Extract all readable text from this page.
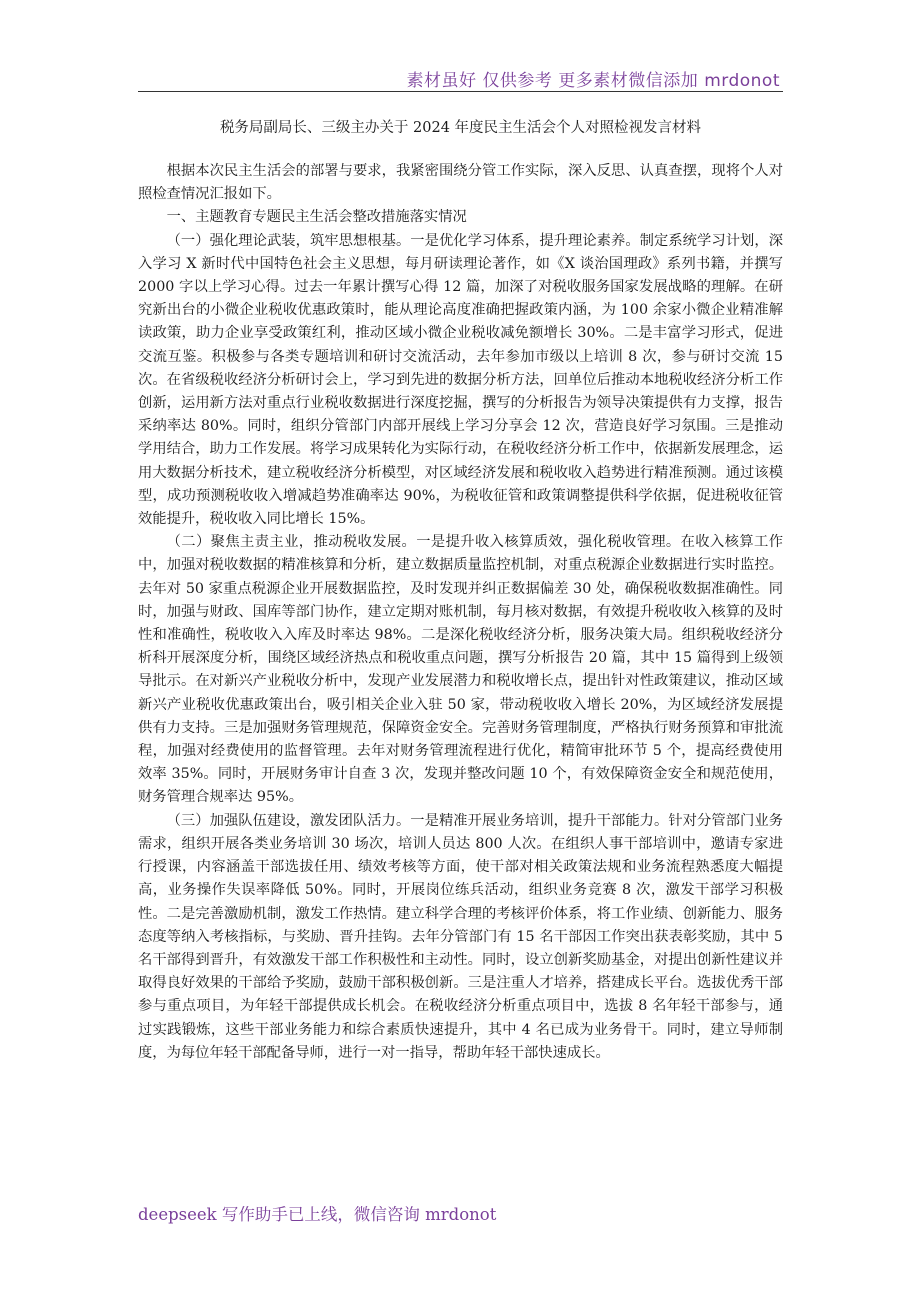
素材虽好 仅供参考 更多素材微信添加 mrdonot
税务局副局长、三级主办关于 2024 年度民主生活会个人对照检视发言材料

根据本次民主生活会的部署与要求，我紧密围绕分管工作实际，深入反思、认真查摆，现将个人对照检查情况汇报如下。

一、主题教育专题民主生活会整改措施落实情况

（一）强化理论武装，筑牢思想根基。一是优化学习体系，提升理论素养。制定系统学习计划，深入学习 X 新时代中国特色社会主义思想，每月研读理论著作，如《X 谈治国理政》系列书籍，并撰写 2000 字以上学习心得。过去一年累计撰写心得 12 篇，加深了对税收服务国家发展战略的理解。在研究新出台的小微企业税收优惠政策时，能从理论高度准确把握政策内涵，为 100 余家小微企业精准解读政策，助力企业享受政策红利，推动区域小微企业税收减免额增长 30%。二是丰富学习形式，促进交流互鉴。积极参与各类专题培训和研讨交流活动，去年参加市级以上培训 8 次，参与研讨交流 15 次。在省级税收经济分析研讨会上，学习到先进的数据分析方法，回单位后推动本地税收经济分析工作创新，运用新方法对重点行业税收数据进行深度挖掘，撰写的分析报告为领导决策提供有力支撑，报告采纳率达 80%。同时，组织分管部门内部开展线上学习分享会 12 次，营造良好学习氛围。三是推动学用结合，助力工作发展。将学习成果转化为实际行动，在税收经济分析工作中，依据新发展理念，运用大数据分析技术，建立税收经济分析模型，对区域经济发展和税收收入趋势进行精准预测。通过该模型，成功预测税收收入增减趋势准确率达 90%，为税收征管和政策调整提供科学依据，促进税收征管效能提升，税收收入同比增长 15%。

（二）聚焦主责主业，推动税收发展。一是提升收入核算质效，强化税收管理。在收入核算工作中，加强对税收数据的精准核算和分析，建立数据质量监控机制，对重点税源企业数据进行实时监控。去年对 50 家重点税源企业开展数据监控，及时发现并纠正数据偏差 30 处，确保税收数据准确性。同时，加强与财政、国库等部门协作，建立定期对账机制，每月核对数据，有效提升税收收入核算的及时性和准确性，税收收入入库及时率达 98%。二是深化税收经济分析，服务决策大局。组织税收经济分析科开展深度分析，围绕区域经济热点和税收重点问题，撰写分析报告 20 篇，其中 15 篇得到上级领导批示。在对新兴产业税收分析中，发现产业发展潜力和税收增长点，提出针对性政策建议，推动区域新兴产业税收优惠政策出台，吸引相关企业入驻 50 家，带动税收收入增长 20%，为区域经济发展提供有力支持。三是加强财务管理规范，保障资金安全。完善财务管理制度，严格执行财务预算和审批流程，加强对经费使用的监督管理。去年对财务管理流程进行优化，精简审批环节 5 个，提高经费使用效率 35%。同时，开展财务审计自查 3 次，发现并整改问题 10 个，有效保障资金安全和规范使用，财务管理合规率达 95%。

（三）加强队伍建设，激发团队活力。一是精准开展业务培训，提升干部能力。针对分管部门业务需求，组织开展各类业务培训 30 场次，培训人员达 800 人次。在组织人事干部培训中，邀请专家进行授课，内容涵盖干部选拔任用、绩效考核等方面，使干部对相关政策法规和业务流程熟悉度大幅提高，业务操作失误率降低 50%。同时，开展岗位练兵活动，组织业务竞赛 8 次，激发干部学习积极性。二是完善激励机制，激发工作热情。建立科学合理的考核评价体系，将工作业绩、创新能力、服务态度等纳入考核指标，与奖励、晋升挂钩。去年分管部门有 15 名干部因工作突出获表彰奖励，其中 5 名干部得到晋升，有效激发干部工作积极性和主动性。同时，设立创新奖励基金，对提出创新性建议并取得良好效果的干部给予奖励，鼓励干部积极创新。三是注重人才培养，搭建成长平台。选拔优秀干部参与重点项目，为年轻干部提供成长机会。在税收经济分析重点项目中，选拔 8 名年轻干部参与，通过实践锻炼，这些干部业务能力和综合素质快速提升，其中 4 名已成为业务骨干。同时，建立导师制度，为每位年轻干部配备导师，进行一对一指导，帮助年轻干部快速成长。

deepseek 写作助手已上线，微信咨询 mrdonot
